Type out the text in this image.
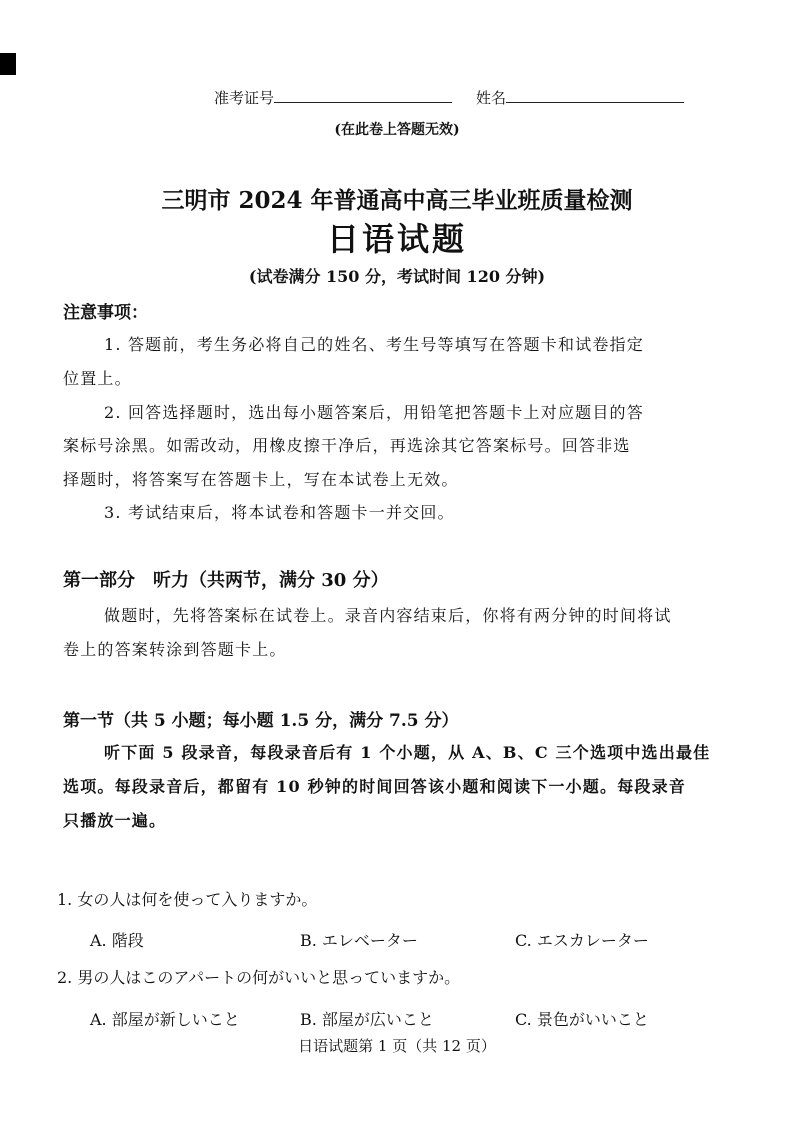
准考证号	姓名
(在此卷上答题无效)
三明市 2024 年普通高中高三毕业班质量检测
日语试题
(试卷满分 150 分，考试时间 120 分钟)
注意事项：
1. 答题前，考生务必将自己的姓名、考生号等填写在答题卡和试卷指定
位置上。
2. 回答选择题时，选出每小题答案后，用铅笔把答题卡上对应题目的答
案标号涂黑。如需改动，用橡皮擦干净后，再选涂其它答案标号。回答非选
择题时，将答案写在答题卡上，写在本试卷上无效。
3. 考试结束后，将本试卷和答题卡一并交回。
第一部分　听力（共两节，满分 30 分）
做题时，先将答案标在试卷上。录音内容结束后，你将有两分钟的时间将试
卷上的答案转涂到答题卡上。
第一节（共 5 小题；每小题 1.5 分，满分 7.5 分）
听下面 5 段录音，每段录音后有 1 个小题，从 A、B、C 三个选项中选出最佳
选项。每段录音后，都留有 10 秒钟的时间回答该小题和阅读下一小题。每段录音
只播放一遍。
1. 女の人は何を使って入りますか。
A. 階段	B. エレベーター	C. エスカレーター
2. 男の人はこのアパートの何がいいと思っていますか。
A. 部屋が新しいこと	B. 部屋が広いこと	C. 景色がいいこと
日语试题第 1 页（共 12 页）
